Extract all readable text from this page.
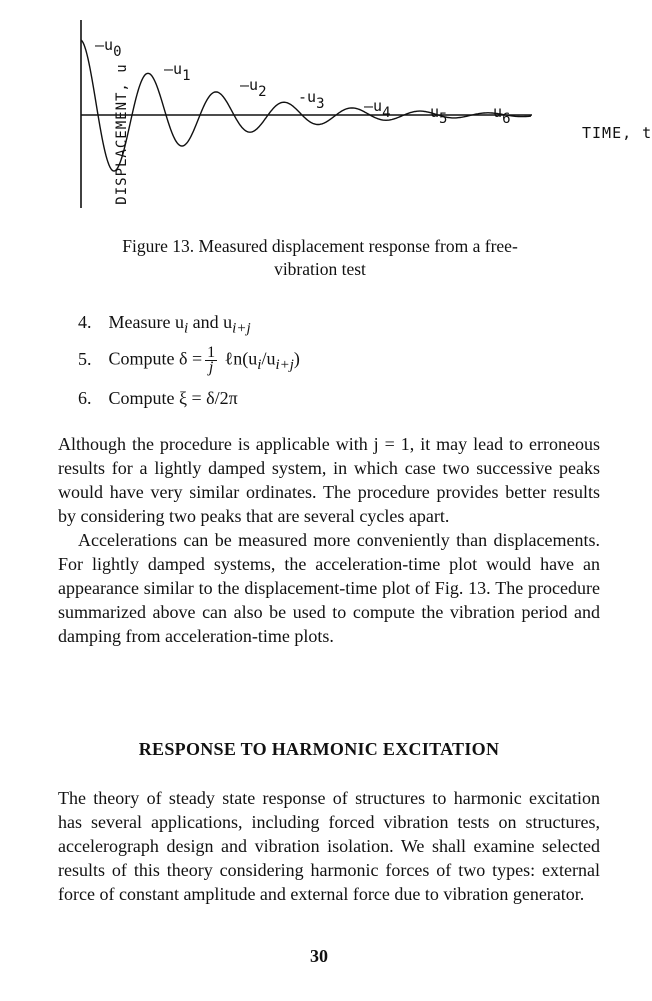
DISPLACEMENT, u	TIME, t
$-u_0$
$-u_1$	$-u_2$ $-u_3$	$-u_4$	$u_5$ $-u_6$
Figure 13. Measured displacement response from a free-
vibration test
4. Measure $u_i$ and $u_{i+j}$
5. Compute $\delta = \frac{1}{j}$ $\ell n(u_i/u_{i+j})$
6. Compute ξ = δ/2π

Although the procedure is applicable with j = 1, it may lead to erroneous results for a lightly damped system, in which case two successive peaks would have very similar ordinates. The procedure provides better results by considering two peaks that are several cycles apart.

Accelerations can be measured more conveniently than displacements. For lightly damped systems, the acceleration-time plot would have an appearance similar to the displacement-time plot of Fig. 13. The procedure summarized above can also be used to compute the vibration period and damping from acceleration-time plots.

RESPONSE TO HARMONIC EXCITATION

The theory of steady state response of structures to harmonic excitation has several applications, including forced vibration tests on structures, accelerograph design and vibration isolation. We shall examine selected results of this theory considering harmonic forces of two types: external force of constant amplitude and external force due to vibration generator.

30
